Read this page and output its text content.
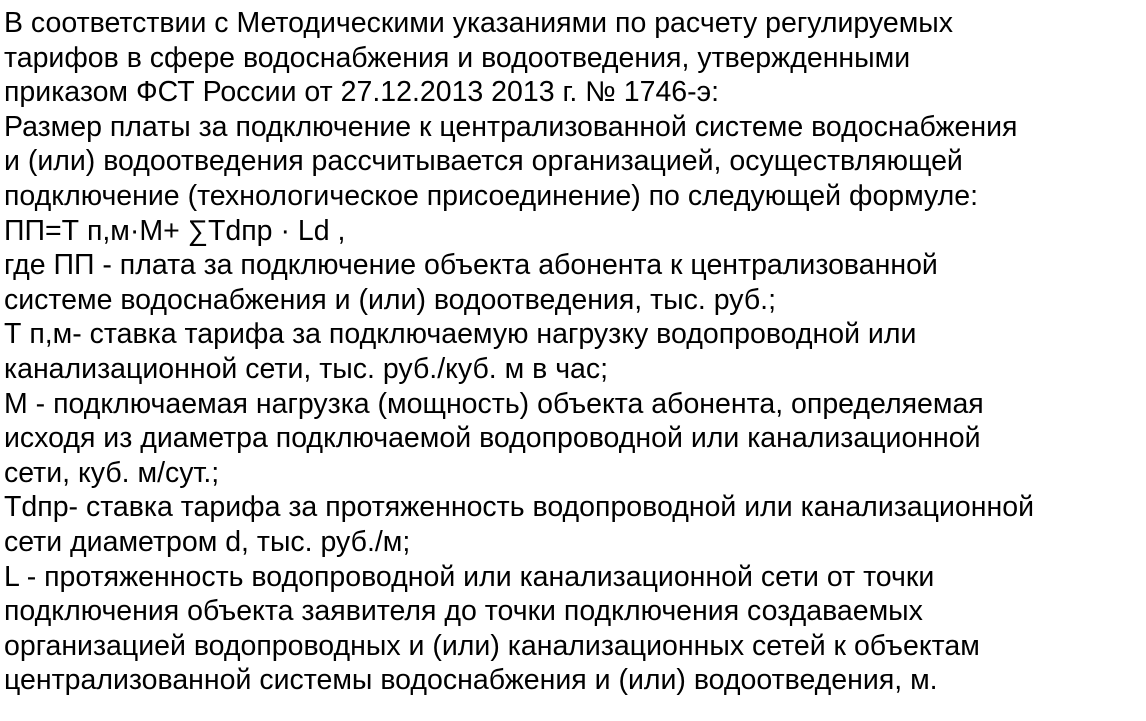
В соответствии с Методическими указаниями по расчету регулируемых
тарифов в сфере водоснабжения и водоотведения, утвержденными
приказом ФСТ России от 27.12.2013 2013 г. № 1746-э:
Размер платы за подключение к централизованной системе водоснабжения
и (или) водоотведения рассчитывается организацией, осуществляющей
подключение (технологическое присоединение) по следующей формуле:
ПП=Т п,м·М+ ∑Tdпр · Ld ,
где ПП - плата за подключение объекта абонента к централизованной
системе водоснабжения и (или) водоотведения, тыс. руб.;
Т п,м- ставка тарифа за подключаемую нагрузку водопроводной или
канализационной сети, тыс. руб./куб. м в час;
М - подключаемая нагрузка (мощность) объекта абонента, определяемая
исходя из диаметра подключаемой водопроводной или канализационной
сети, куб. м/сут.;
Tdпр- ставка тарифа за протяженность водопроводной или канализационной
сети диаметром d, тыс. руб./м;
L - протяженность водопроводной или канализационной сети от точки
подключения объекта заявителя до точки подключения создаваемых
организацией водопроводных и (или) канализационных сетей к объектам
централизованной системы водоснабжения и (или) водоотведения, м.
